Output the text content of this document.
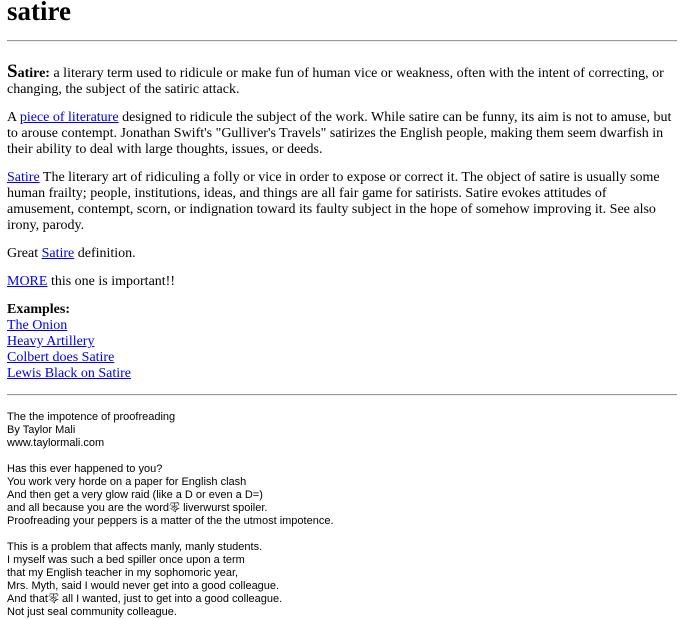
satire

Satire: a literary term used to ridicule or make fun of human vice or weakness, often with the intent of correcting, or changing, the subject of the satiric attack.

A piece of literature designed to ridicule the subject of the work. While satire can be funny, its aim is not to amuse, but to arouse contempt. Jonathan Swift's "Gulliver's Travels" satirizes the English people, making them seem dwarfish in their ability to deal with large thoughts, issues, or deeds.

Satire The literary art of ridiculing a folly or vice in order to expose or correct it. The object of satire is usually some human frailty; people, institutions, ideas, and things are all fair game for satirists. Satire evokes attitudes of amusement, contempt, scorn, or indignation toward its faulty subject in the hope of somehow improving it. See also irony, parody.

Great Satire definition.

MORE this one is important!!

Examples:
The Onion
Heavy Artillery
Colbert does Satire
Lewis Black on Satire

The the impotence of proofreading
By Taylor Mali
www.taylormali.com
Has this ever happened to you?
You work very horde on a paper for English clash
And then get a very glow raid (like a D or even a D=)
and all because you are the word零 liverwurst spoiler.
Proofreading your peppers is a matter of the the utmost impotence.
This is a problem that affects manly, manly students.
I myself was such a bed spiller once upon a term
that my English teacher in my sophomoric year,
Mrs. Myth, said I would never get into a good colleague.
And that零 all I wanted, just to get into a good colleague.
Not just seal community colleague.
